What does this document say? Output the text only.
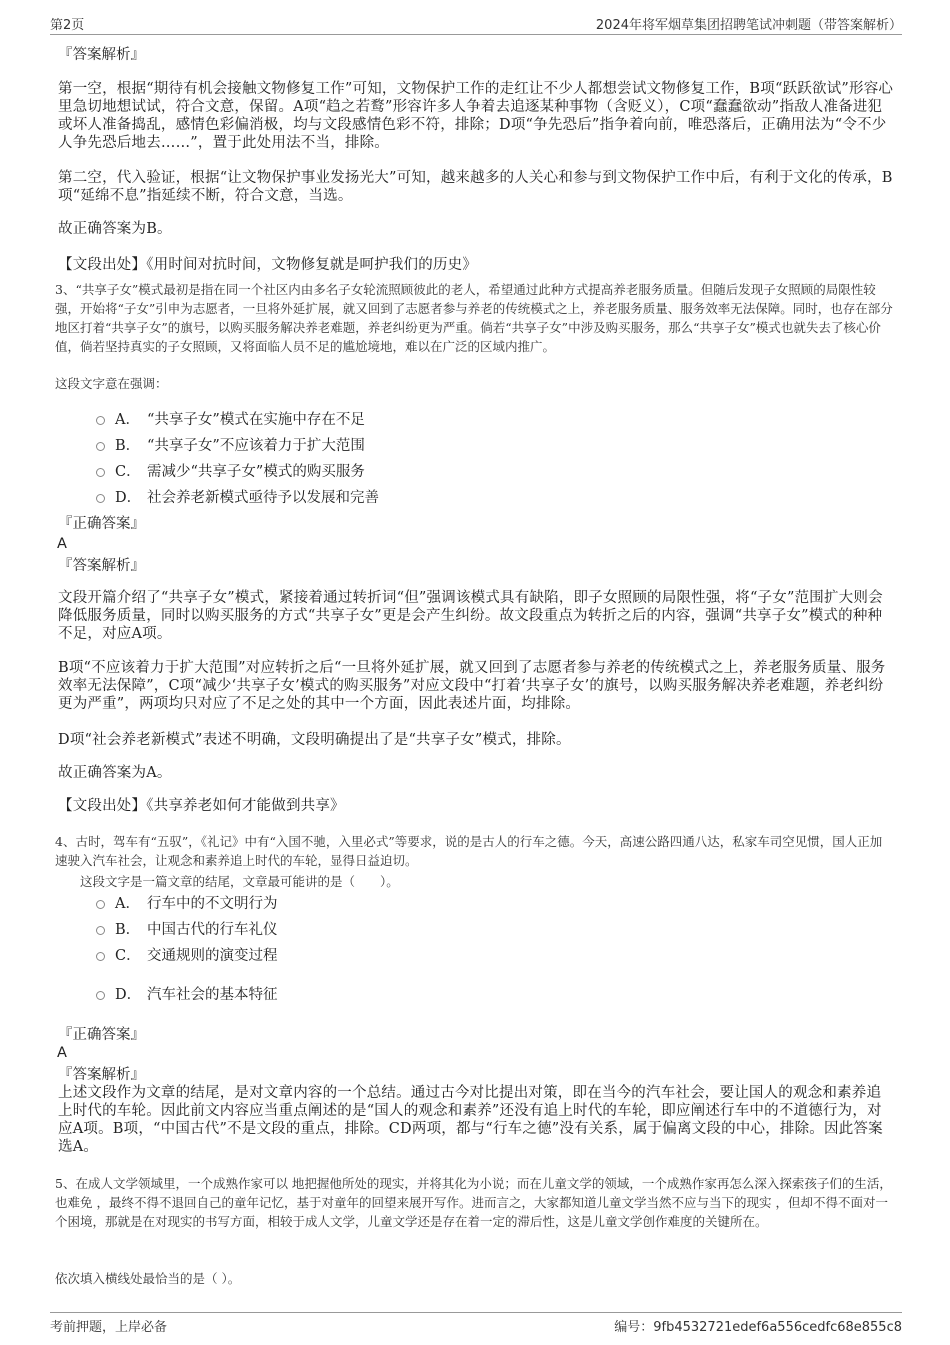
第2页	2024年将军烟草集团招聘笔试冲刺题（带答案解析）
『答案解析』
第一空，根据“期待有机会接触文物修复工作”可知，文物保护工作的走红让不少人都想尝试文物修复工作，B项“跃跃欲试”形容心里急切地想试试，符合文意，保留。A项“趋之若鹜”形容许多人争着去追逐某种事物（含贬义），C项“蠢蠢欲动”指敌人准备进犯或坏人准备捣乱，感情色彩偏消极，均与文段感情色彩不符，排除；D项“争先恐后”指争着向前，唯恐落后，正确用法为“令不少人争先恐后地去……”，置于此处用法不当，排除。
第二空，代入验证，根据“让文物保护事业发扬光大”可知，越来越多的人关心和参与到文物保护工作中后，有利于文化的传承，B项“延绵不息”指延续不断，符合文意，当选。
故正确答案为B。
【文段出处】《用时间对抗时间，文物修复就是呵护我们的历史》
3、“共享子女”模式最初是指在同一个社区内由多名子女轮流照顾彼此的老人，希望通过此种方式提高养老服务质量。但随后发现子女照顾的局限性较强，开始将“子女”引申为志愿者，一旦将外延扩展，就又回到了志愿者参与养老的传统模式之上，养老服务质量、服务效率无法保障。同时，也存在部分地区打着“共享子女”的旗号，以购买服务解决养老难题，养老纠纷更为严重。倘若“共享子女”中涉及购买服务，那么“共享子女”模式也就失去了核心价值，倘若坚持真实的子女照顾，又将面临人员不足的尴尬境地，难以在广泛的区域内推广。
这段文字意在强调：
A． “共享子女”模式在实施中存在不足
B． “共享子女”不应该着力于扩大范围
C． 需减少“共享子女”模式的购买服务
D． 社会养老新模式亟待予以发展和完善
『正确答案』
A
『答案解析』
文段开篇介绍了“共享子女”模式，紧接着通过转折词“但”强调该模式具有缺陷，即子女照顾的局限性强，将“子女”范围扩大则会降低服务质量，同时以购买服务的方式“共享子女”更是会产生纠纷。故文段重点为转折之后的内容，强调“共享子女”模式的种种不足，对应A项。
B项“不应该着力于扩大范围”对应转折之后“一旦将外延扩展，就又回到了志愿者参与养老的传统模式之上，养老服务质量、服务效率无法保障”，C项“减少‘共享子女’模式的购买服务”对应文段中“打着‘共享子女’的旗号，以购买服务解决养老难题，养老纠纷更为严重”，两项均只对应了不足之处的其中一个方面，因此表述片面，均排除。
D项“社会养老新模式”表述不明确，文段明确提出了是“共享子女”模式，排除。
故正确答案为A。
【文段出处】《共享养老如何才能做到共享》
4、古时，驾车有“五驭”，《礼记》中有“入国不驰，入里必式”等要求，说的是古人的行车之德。今天，高速公路四通八达，私家车司空见惯，国人正加速驶入汽车社会，让观念和素养追上时代的车轮，显得日益迫切。
这段文字是一篇文章的结尾，文章最可能讲的是（　　）。
A． 行车中的不文明行为
B． 中国古代的行车礼仪
C． 交通规则的演变过程
D． 汽车社会的基本特征
『正确答案』
A
『答案解析』
上述文段作为文章的结尾，是对文章内容的一个总结。通过古今对比提出对策，即在当今的汽车社会，要让国人的观念和素养追上时代的车轮。因此前文内容应当重点阐述的是“国人的观念和素养”还没有追上时代的车轮，即应阐述行车中的不道德行为，对应A项。B项，“中国古代”不是文段的重点，排除。CD两项，都与“行车之德”没有关系，属于偏离文段的中心，排除。因此答案选A。
5、在成人文学领域里，一个成熟作家可以 地把握他所处的现实，并将其化为小说；而在儿童文学的领域，一个成熟作家再怎么深入探索孩子们的生活，也难免 ，最终不得不退回自己的童年记忆，基于对童年的回望来展开写作。进而言之，大家都知道儿童文学当然不应与当下的现实 ，但却不得不面对一个困境，那就是在对现实的书写方面，相较于成人文学，儿童文学还是存在着一定的滞后性，这是儿童文学创作难度的关键所在。
依次填入横线处最恰当的是（ ）。
考前押题，上岸必备	编号：9fb4532721edef6a556cedfc68e855c8
